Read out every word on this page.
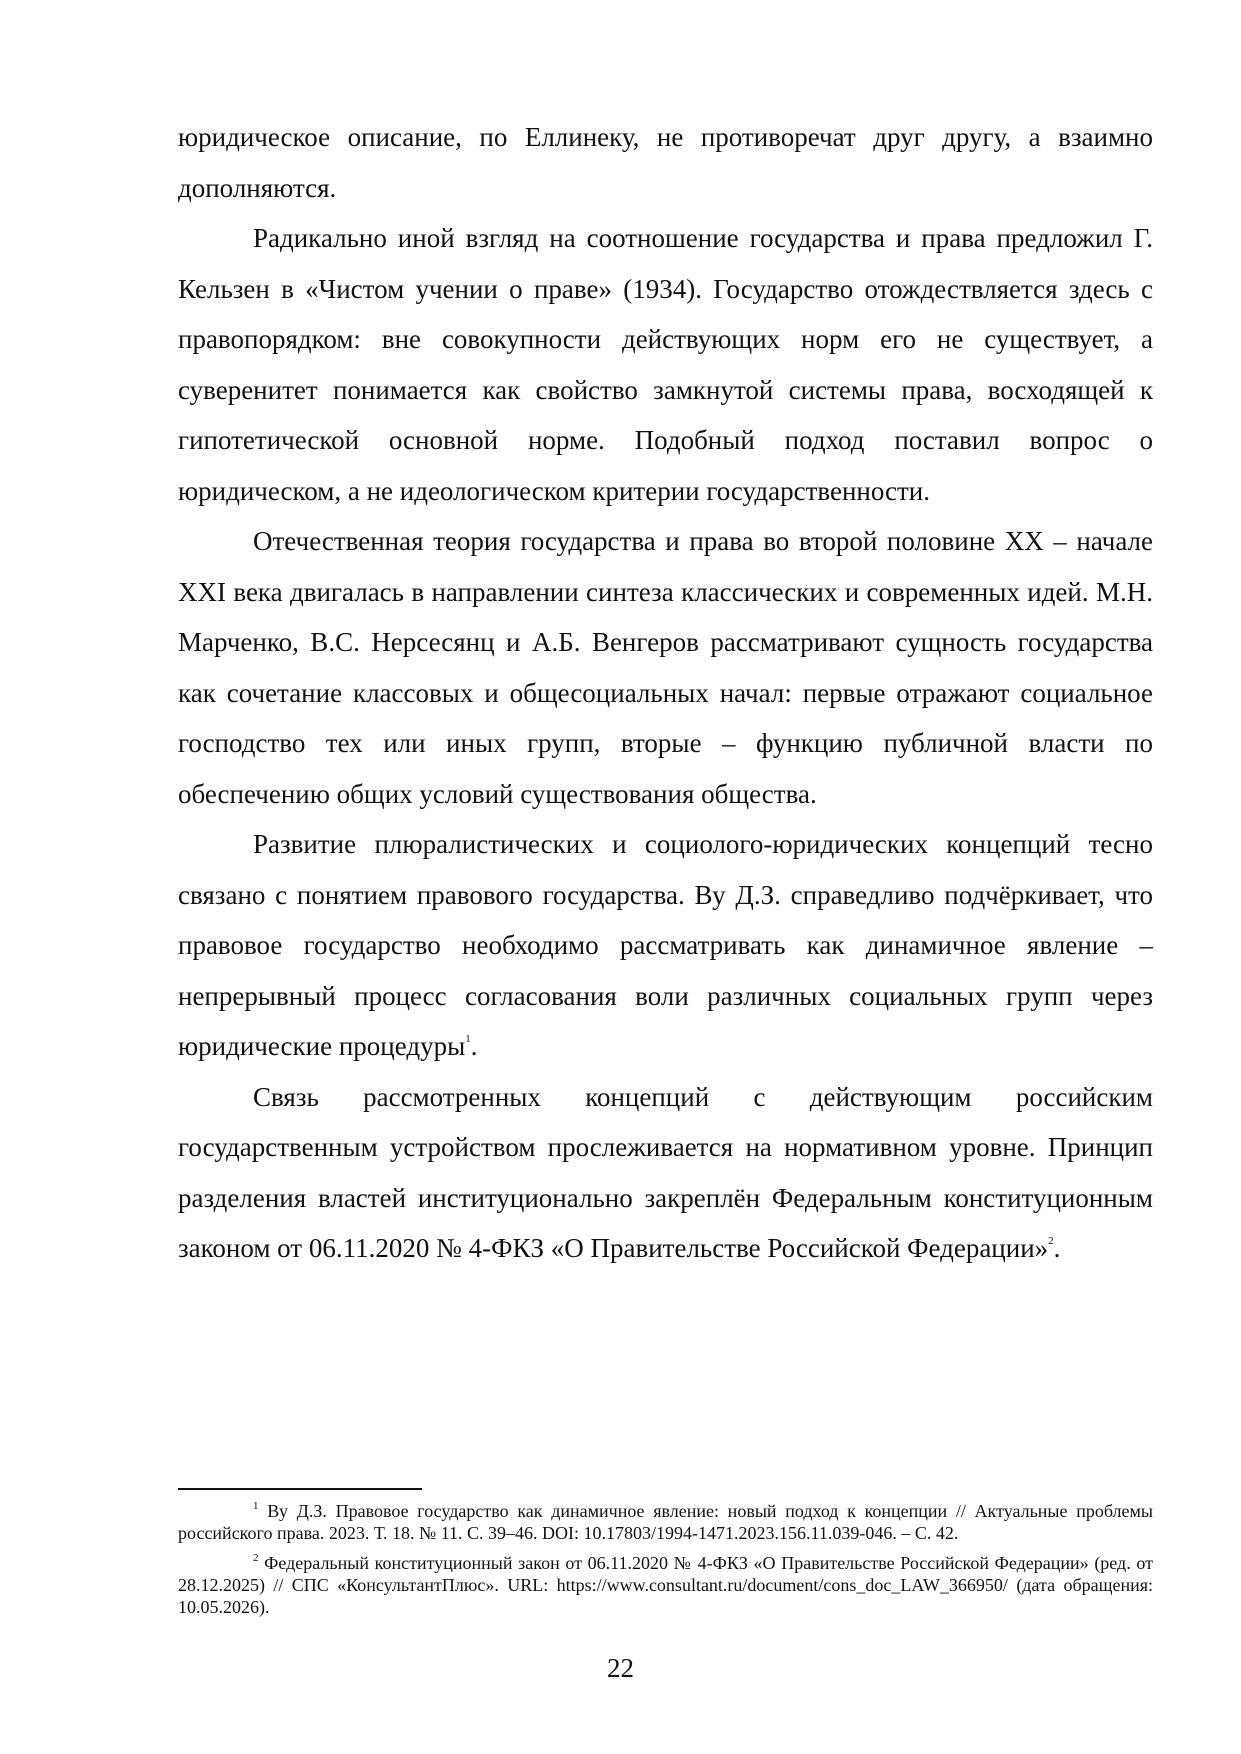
юридическое описание, по Еллинеку, не противоречат друг другу, а взаимно дополняются.

Радикально иной взгляд на соотношение государства и права предложил Г. Кельзен в «Чистом учении о праве» (1934). Государство отождествляется здесь с правопорядком: вне совокупности действующих норм его не существует, а суверенитет понимается как свойство замкнутой системы права, восходящей к гипотетической основной норме. Подобный подход поставил вопрос о юридическом, а не идеологическом критерии государственности.

Отечественная теория государства и права во второй половине XX – начале XXI века двигалась в направлении синтеза классических и современных идей. М.Н. Марченко, В.С. Нерсесянц и А.Б. Венгеров рассматривают сущность государства как сочетание классовых и общесоциальных начал: первые отражают социальное господство тех или иных групп, вторые – функцию публичной власти по обеспечению общих условий существования общества.

Развитие плюралистических и социолого-юридических концепций тесно связано с понятием правового государства. Ву Д.З. справедливо подчёркивает, что правовое государство необходимо рассматривать как динамичное явление – непрерывный процесс согласования воли различных социальных групп через юридические процедуры$^1$.

Связь рассмотренных концепций с действующим российским государственным устройством прослеживается на нормативном уровне. Принцип разделения властей институционально закреплён Федеральным конституционным законом от 06.11.2020 № 4-ФКЗ «О Правительстве Российской Федерации»$^2$.

$^1$ Ву Д.З. Правовое государство как динамичное явление: новый подход к концепции // Актуальные проблемы российского права. 2023. Т. 18. № 11. С. 39–46. DOI: 10.17803/1994-1471.2023.156.11.039-046. – С. 42.

$^2$ Федеральный конституционный закон от 06.11.2020 № 4-ФКЗ «О Правительстве Российской Федерации» (ред. от 28.12.2025) // СПС «КонсультантПлюс». URL: https://www.consultant.ru/document/cons_doc_LAW_366950/ (дата обращения: 10.05.2026).

22
